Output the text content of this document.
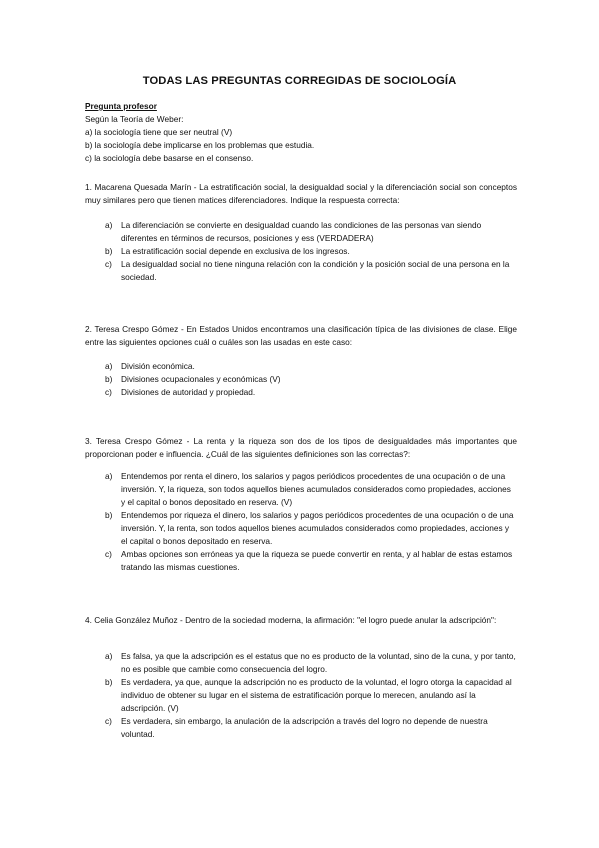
TODAS LAS PREGUNTAS CORREGIDAS DE SOCIOLOGÍA
Pregunta profesor
Según la Teoría de Weber:
a) la sociología tiene que ser neutral (V)
b) la sociología debe implicarse en los problemas que estudia.
c) la sociología debe basarse en el consenso.
1. Macarena Quesada Marín - La estratificación social, la desigualdad social y la diferenciación social son conceptos muy similares pero que tienen matices diferenciadores. Indique la respuesta correcta:
a) La diferenciación se convierte en desigualdad cuando las condiciones de las personas van siendo diferentes en términos de recursos, posiciones y ess (VERDADERA)
b) La estratificación social depende en exclusiva de los ingresos.
c) La desigualdad social no tiene ninguna relación con la condición y la posición social de una persona en la sociedad.
2. Teresa Crespo Gómez - En Estados Unidos encontramos una clasificación típica de las divisiones de clase. Elige entre las siguientes opciones cuál o cuáles son las usadas en este caso:
a) División económica.
b) Divisiones ocupacionales y económicas (V)
c) Divisiones de autoridad y propiedad.
3. Teresa Crespo Gómez - La renta y la riqueza son dos de los tipos de desigualdades más importantes que proporcionan poder e influencia. ¿Cuál de las siguientes definiciones son las correctas?:
a) Entendemos por renta el dinero, los salarios y pagos periódicos procedentes de una ocupación o de una inversión. Y, la riqueza, son todos aquellos bienes acumulados considerados como propiedades, acciones y el capital o bonos depositado en reserva. (V)
b) Entendemos por riqueza el dinero, los salarios y pagos periódicos procedentes de una ocupación o de una inversión. Y, la renta, son todos aquellos bienes acumulados considerados como propiedades, acciones y el capital o bonos depositado en reserva.
c) Ambas opciones son erróneas ya que la riqueza se puede convertir en renta, y al hablar de estas estamos tratando las mismas cuestiones.
4. Celia González Muñoz - Dentro de la sociedad moderna, la afirmación: "el logro puede anular la adscripción":
a) Es falsa, ya que la adscripción es el estatus que no es producto de la voluntad, sino de la cuna, y por tanto, no es posible que cambie como consecuencia del logro.
b) Es verdadera, ya que, aunque la adscripción no es producto de la voluntad, el logro otorga la capacidad al individuo de obtener su lugar en el sistema de estratificación porque lo merecen, anulando así la adscripción. (V)
c) Es verdadera, sin embargo, la anulación de la adscripción a través del logro no depende de nuestra voluntad.
